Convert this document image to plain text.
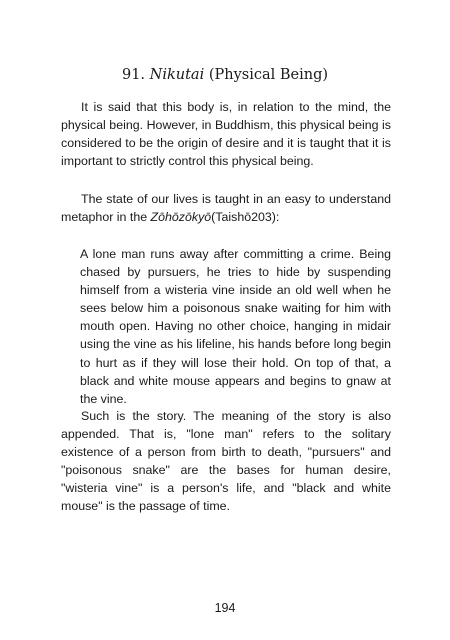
91. Nikutai (Physical Being)

It is said that this body is, in relation to the mind, the physical being. However, in Buddhism, this physical being is considered to be the origin of desire and it is taught that it is important to strictly control this physical being.

The state of our lives is taught in an easy to understand metaphor in the Zōhōzōkyō(Taishō203):

A lone man runs away after committing a crime. Being chased by pursuers, he tries to hide by suspending himself from a wisteria vine inside an old well when he sees below him a poisonous snake waiting for him with mouth open. Having no other choice, hanging in midair using the vine as his lifeline, his hands before long begin to hurt as if they will lose their hold. On top of that, a black and white mouse appears and begins to gnaw at the vine.

Such is the story. The meaning of the story is also appended. That is, "lone man" refers to the solitary existence of a person from birth to death, "pursuers" and "poisonous snake" are the bases for human desire, "wisteria vine" is a person's life, and "black and white mouse" is the passage of time.

194
